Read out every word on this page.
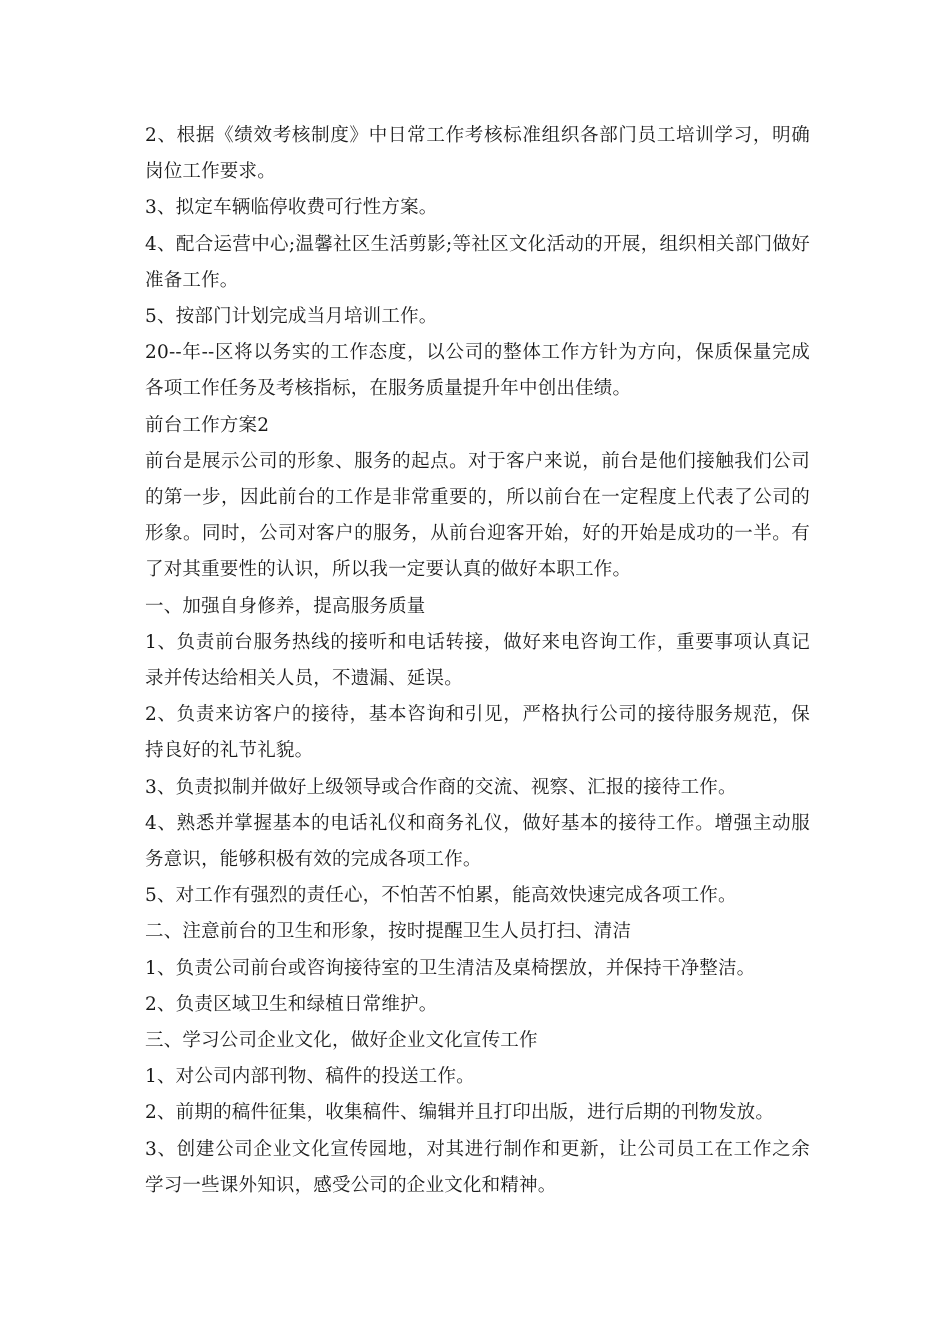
2、根据《绩效考核制度》中日常工作考核标准组织各部门员工培训学习，明确岗位工作要求。

3、拟定车辆临停收费可行性方案。

4、配合运营中心;温馨社区生活剪影;等社区文化活动的开展，组织相关部门做好准备工作。

5、按部门计划完成当月培训工作。

20--年--区将以务实的工作态度，以公司的整体工作方针为方向，保质保量完成各项工作任务及考核指标，在服务质量提升年中创出佳绩。

前台工作方案2

前台是展示公司的形象、服务的起点。对于客户来说，前台是他们接触我们公司的第一步，因此前台的工作是非常重要的，所以前台在一定程度上代表了公司的形象。同时，公司对客户的服务，从前台迎客开始，好的开始是成功的一半。有了对其重要性的认识，所以我一定要认真的做好本职工作。

一、加强自身修养，提高服务质量

1、负责前台服务热线的接听和电话转接，做好来电咨询工作，重要事项认真记录并传达给相关人员，不遗漏、延误。

2、负责来访客户的接待，基本咨询和引见，严格执行公司的接待服务规范，保持良好的礼节礼貌。

3、负责拟制并做好上级领导或合作商的交流、视察、汇报的接待工作。

4、熟悉并掌握基本的电话礼仪和商务礼仪，做好基本的接待工作。增强主动服务意识，能够积极有效的完成各项工作。

5、对工作有强烈的责任心，不怕苦不怕累，能高效快速完成各项工作。

二、注意前台的卫生和形象，按时提醒卫生人员打扫、清洁

1、负责公司前台或咨询接待室的卫生清洁及桌椅摆放，并保持干净整洁。

2、负责区域卫生和绿植日常维护。

三、学习公司企业文化，做好企业文化宣传工作

1、对公司内部刊物、稿件的投送工作。

2、前期的稿件征集，收集稿件、编辑并且打印出版，进行后期的刊物发放。

3、创建公司企业文化宣传园地，对其进行制作和更新，让公司员工在工作之余学习一些课外知识，感受公司的企业文化和精神。
